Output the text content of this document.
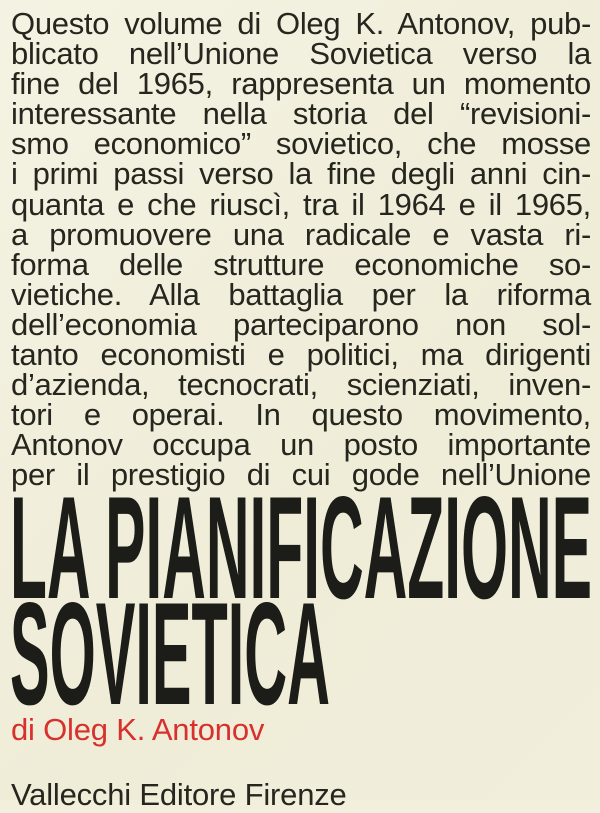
Questo volume di Oleg K. Antonov, pub-
blicato nell’Unione Sovietica verso la
fine del 1965, rappresenta un momento
interessante nella storia del “revisioni-
smo economico” sovietico, che mosse
i primi passi verso la fine degli anni cin-
quanta e che riuscì, tra il 1964 e il 1965,
a promuovere una radicale e vasta ri-
forma delle strutture economiche so-
vietiche. Alla battaglia per la riforma
dell’economia parteciparono non sol-
tanto economisti e politici, ma dirigenti
d’azienda, tecnocrati, scienziati, inven-
tori e operai. In questo movimento,
Antonov occupa un posto importante
per il prestigio di cui gode nell’Unione
LA PIANIFICAZIONE
SOVIETICA
di Oleg K. Antonov
Vallecchi Editore Firenze
